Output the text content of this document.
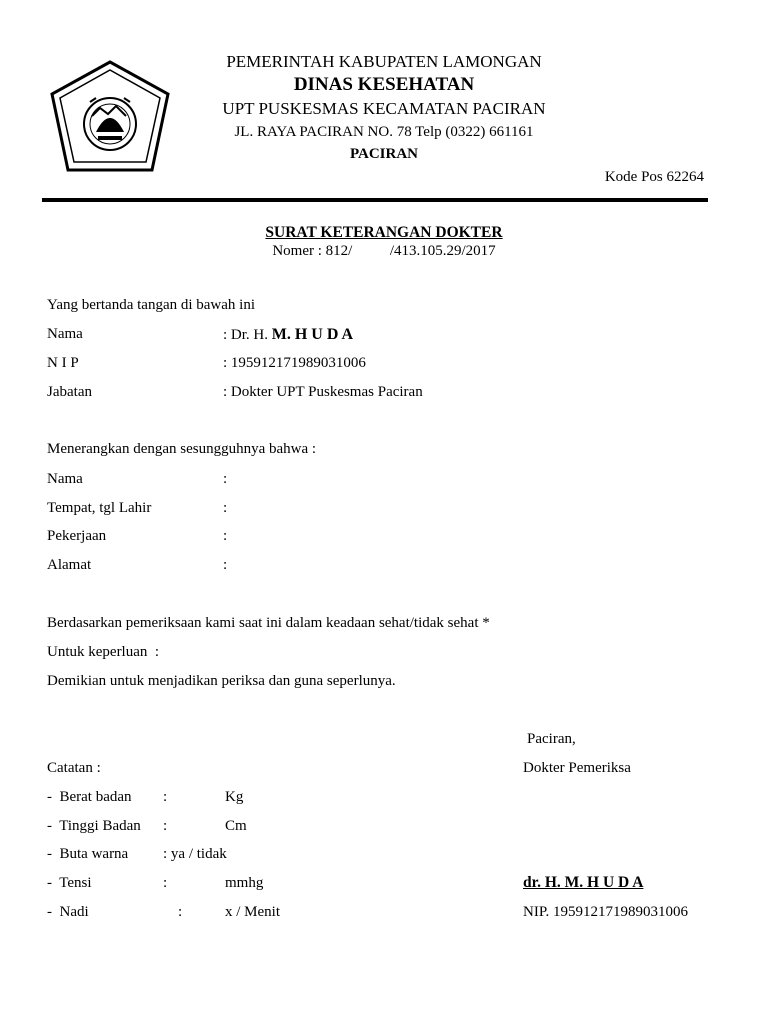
PEMERINTAH KABUPATEN LAMONGAN
DINAS KESEHATAN
UPT PUSKESMAS KECAMATAN PACIRAN
JL. RAYA PACIRAN NO. 78 Telp (0322) 661161
PACIRAN
Kode Pos 62264
SURAT KETERANGAN DOKTER
Nomer : 812/          /413.105.29/2017
Yang bertanda tangan di bawah ini
Nama	: Dr. H. M. H U D A
N I P	: 195912171989031006
Jabatan	: Dokter UPT Puskesmas Paciran
Menerangkan dengan sesungguhnya bahwa :
Nama	:
Tempat, tgl Lahir	:
Pekerjaan	:
Alamat	:
Berdasarkan pemeriksaan kami saat ini dalam keadaan sehat/tidak sehat *
Untuk keperluan  :
Demikian untuk menjadikan periksa dan guna seperlunya.
Catatan :
-  Berat badan :	Kg
-  Tinggi Badan :	Cm
-  Buta warna : ya / tidak
-  Tensi	:	mmhg
-  Nadi	:	x / Menit
Paciran,
Dokter Pemeriksa
dr. H. M. H U D A
NIP. 195912171989031006
